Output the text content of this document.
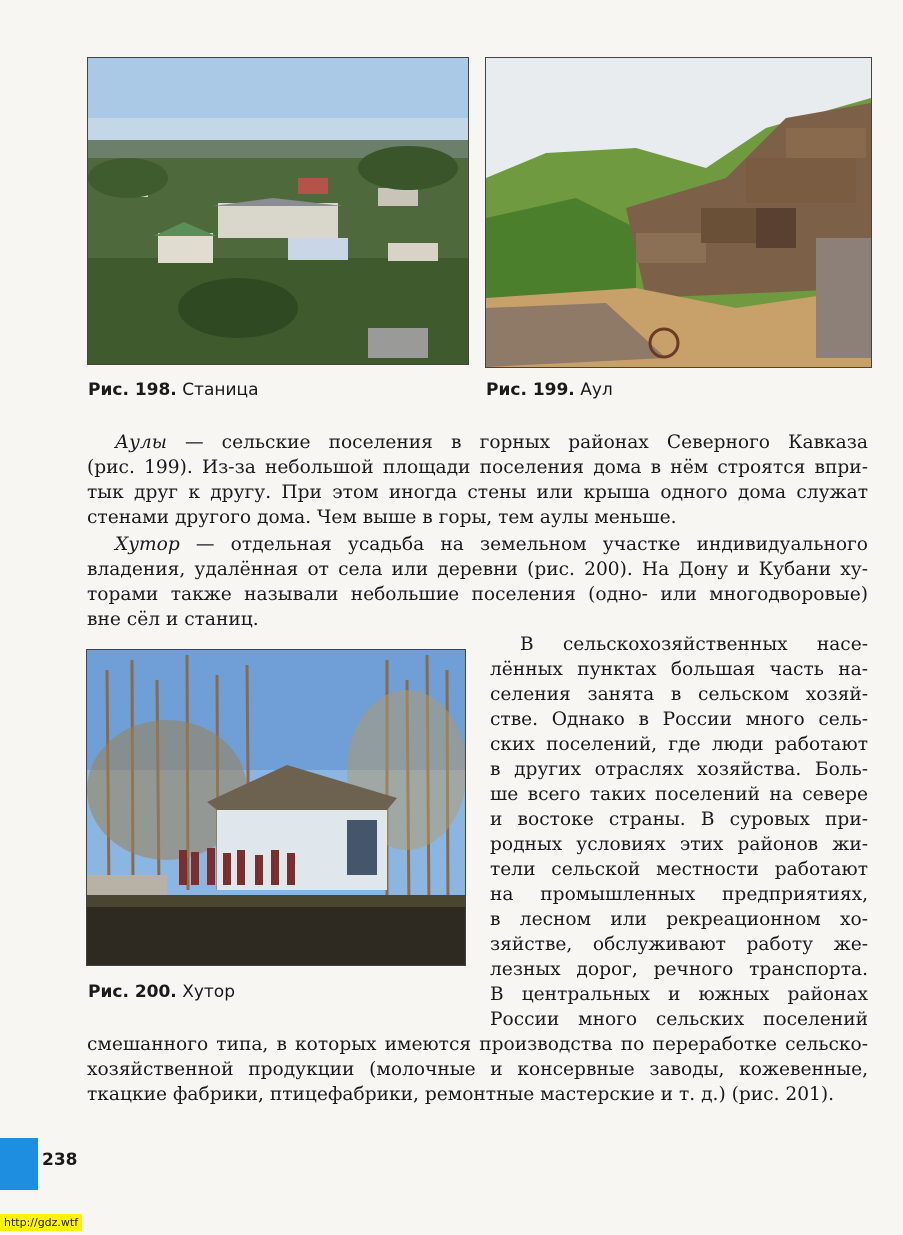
Рис. 198. Станица	Рис. 199. Аул
Рис. 200. Хутор
Аулы — сельские поселения в горных районах Северного Кавказа
(рис. 199). Из-за небольшой площади поселения дома в нём строятся впри-
тык друг к другу. При этом иногда стены или крыша одного дома служат
стенами другого дома. Чем выше в горы, тем аулы меньше.
Хутор — отдельная усадьба на земельном участке индивидуального
владения, удалённая от села или деревни (рис. 200). На Дону и Кубани ху-
торами также называли небольшие поселения (одно- или многодворовые)
вне сёл и станиц.
В сельскохозяйственных насе-
лённых пунктах большая часть на-
селения занята в сельском хозяй-
стве. Однако в России много сель-
ских поселений, где люди работают
в других отраслях хозяйства. Боль-
ше всего таких поселений на севере
и востоке страны. В суровых при-
родных условиях этих районов жи-
тели сельской местности работают
на промышленных предприятиях,
в лесном или рекреационном хо-
зяйстве, обслуживают работу же-
лезных дорог, речного транспорта.
В центральных и южных районах
России много сельских поселений
смешанного типа, в которых имеются производства по переработке сельско-
хозяйственной продукции (молочные и консервные заводы, кожевенные,
ткацкие фабрики, птицефабрики, ремонтные мастерские и т. д.) (рис. 201).
238
http://gdz.wtf
